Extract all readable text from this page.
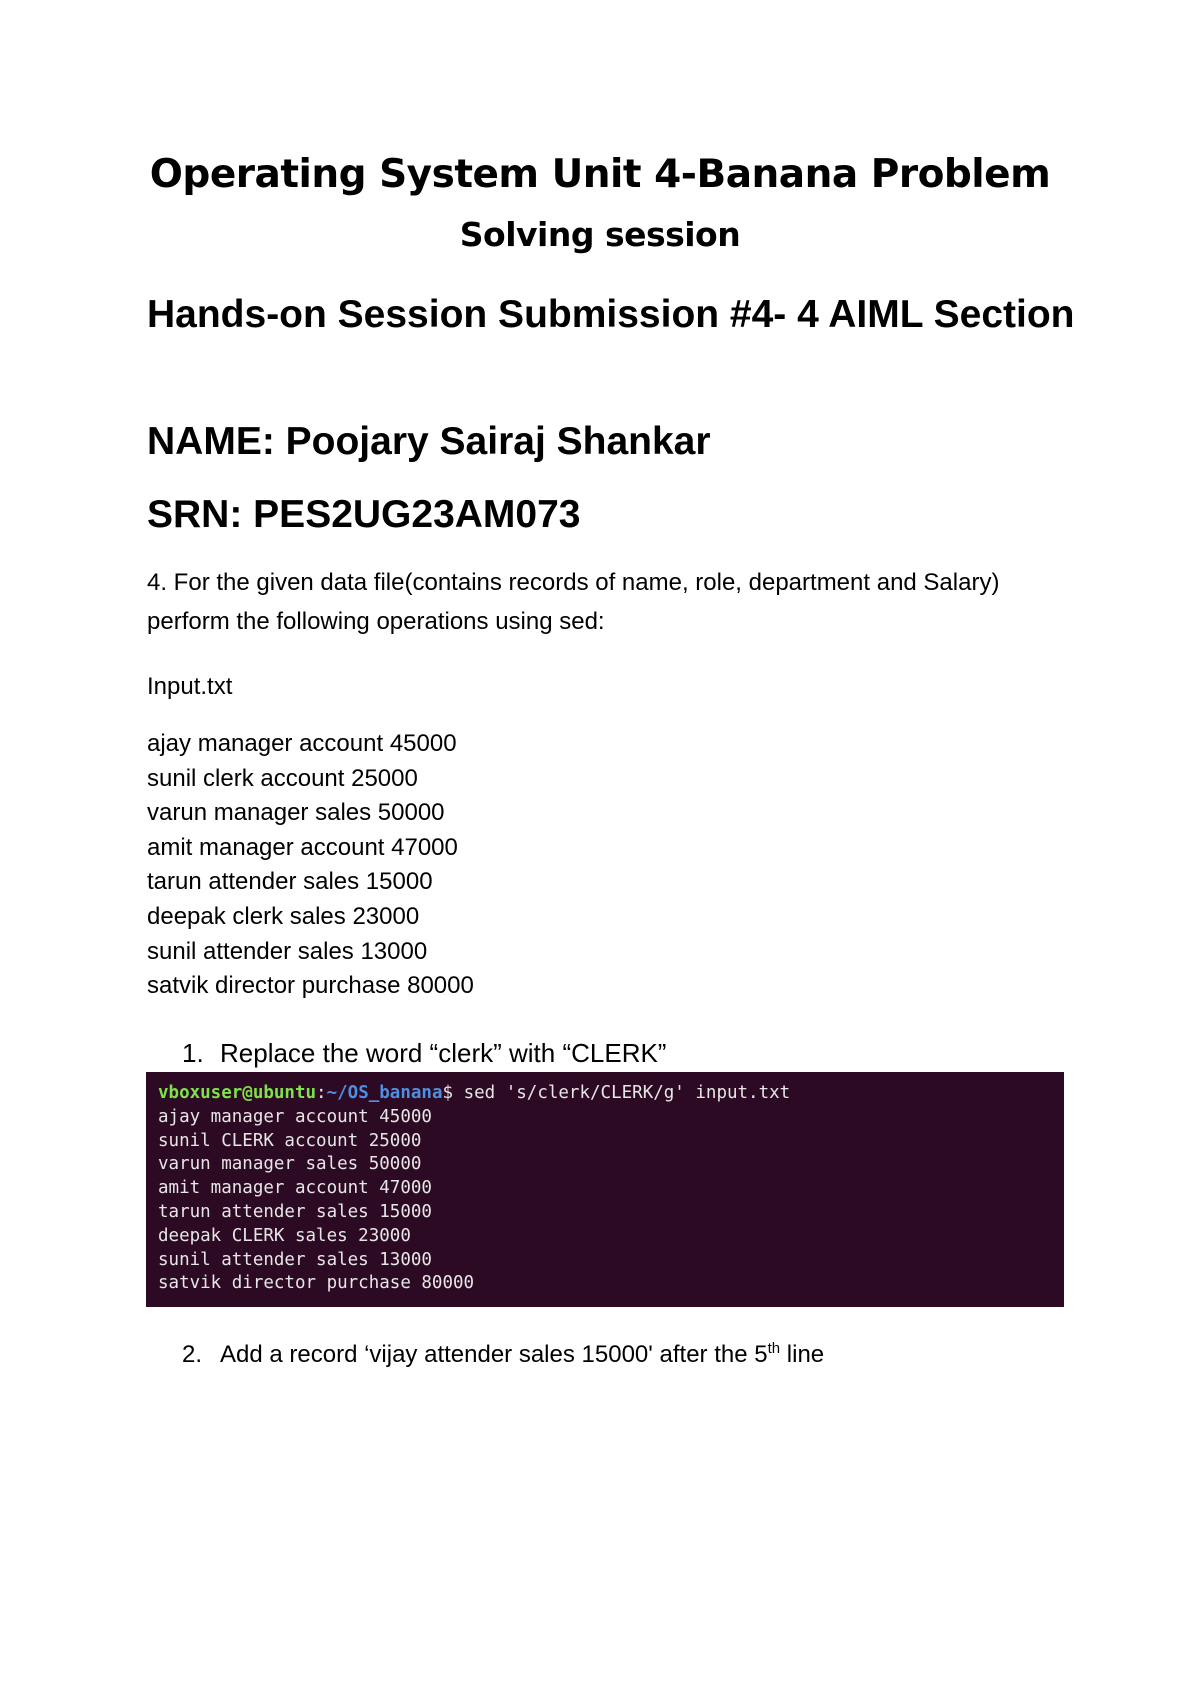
Operating System Unit 4-Banana Problem
Solving session
Hands-on Session Submission #4- 4 AIML Section
NAME: Poojary Sairaj Shankar
SRN: PES2UG23AM073

4. For the given data file(contains records of name, role, department and Salary) perform the following operations using sed:

Input.txt

ajay manager account 45000
sunil clerk account 25000
varun manager sales 50000
amit manager account 47000
tarun attender sales 15000
deepak clerk sales 23000
sunil attender sales 13000
satvik director purchase 80000

1. Replace the word “clerk” with “CLERK”

vboxuser@ubuntu:~/OS_banana$ sed 's/clerk/CLERK/g' input.txt
ajay manager account 45000
sunil CLERK account 25000
varun manager sales 50000
amit manager account 47000
tarun attender sales 15000
deepak CLERK sales 23000
sunil attender sales 13000
satvik director purchase 80000

2. Add a record ‘vijay attender sales 15000' after the 5th line
